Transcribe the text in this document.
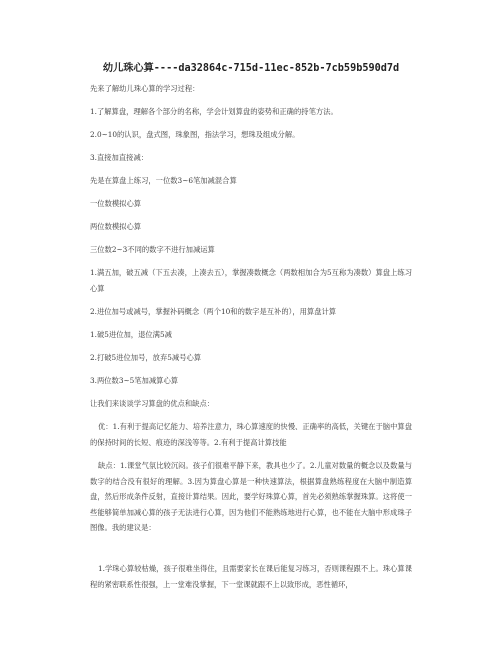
幼儿珠心算----da32864c-715d-11ec-852b-7cb59b590d7d
先来了解幼儿珠心算的学习过程：
1.了解算盘，理解各个部分的名称，学会计划算盘的姿势和正确的持笔方法。
2.0~10的认识，盘式图，珠象图，指法学习，想珠及组成分解。
3.直接加直接减：
先是在算盘上练习，一位数3~6笔加减混合算
一位数模拟心算
两位数模拟心算
三位数2~3不同的数字不进行加减运算
1.满五加，破五减（下五去凑，上凑去五），掌握凑数概念（两数相加合为5互称为凑数）算盘上练习心算
2.进位加号或减号，掌握补码概念（两个10和的数字是互补的），用算盘计算
1.破5进位加，退位满5减
2.打破5进位加号，放弃5减号心算
3.两位数3~5笔加减算心算
让我们来谈谈学习算盘的优点和缺点：
优：1.有利于提高记忆能力、培养注意力，珠心算速度的快慢、正确率的高低，关键在于脑中算盘的保持时间的长短、痕迹的深浅等等。2.有利于提高计算技能
缺点：1.课堂气氛比较沉闷。孩子们很难平静下来，教具也少了。2.儿童对数量的概念以及数量与数字的结合没有很好的理解。3.因为算盘心算是一种快速算法，根据算盘熟练程度在大脑中制造算盘，然后形成条件反射，直接计算结果。因此，要学好珠算心算，首先必须熟练掌握珠算。这将使一些能够简单加减心算的孩子无法进行心算，因为他们不能熟练地进行心算，也不能在大脑中形成珠子图像。我的建议是：
1.学珠心算较枯燥，孩子很难坐得住，且需要家长在课后能复习练习，否则课程跟不上。珠心算课程的紧密联系性很强，上一堂难没掌握，下一堂课就跟不上以致形成，恶性循环，
